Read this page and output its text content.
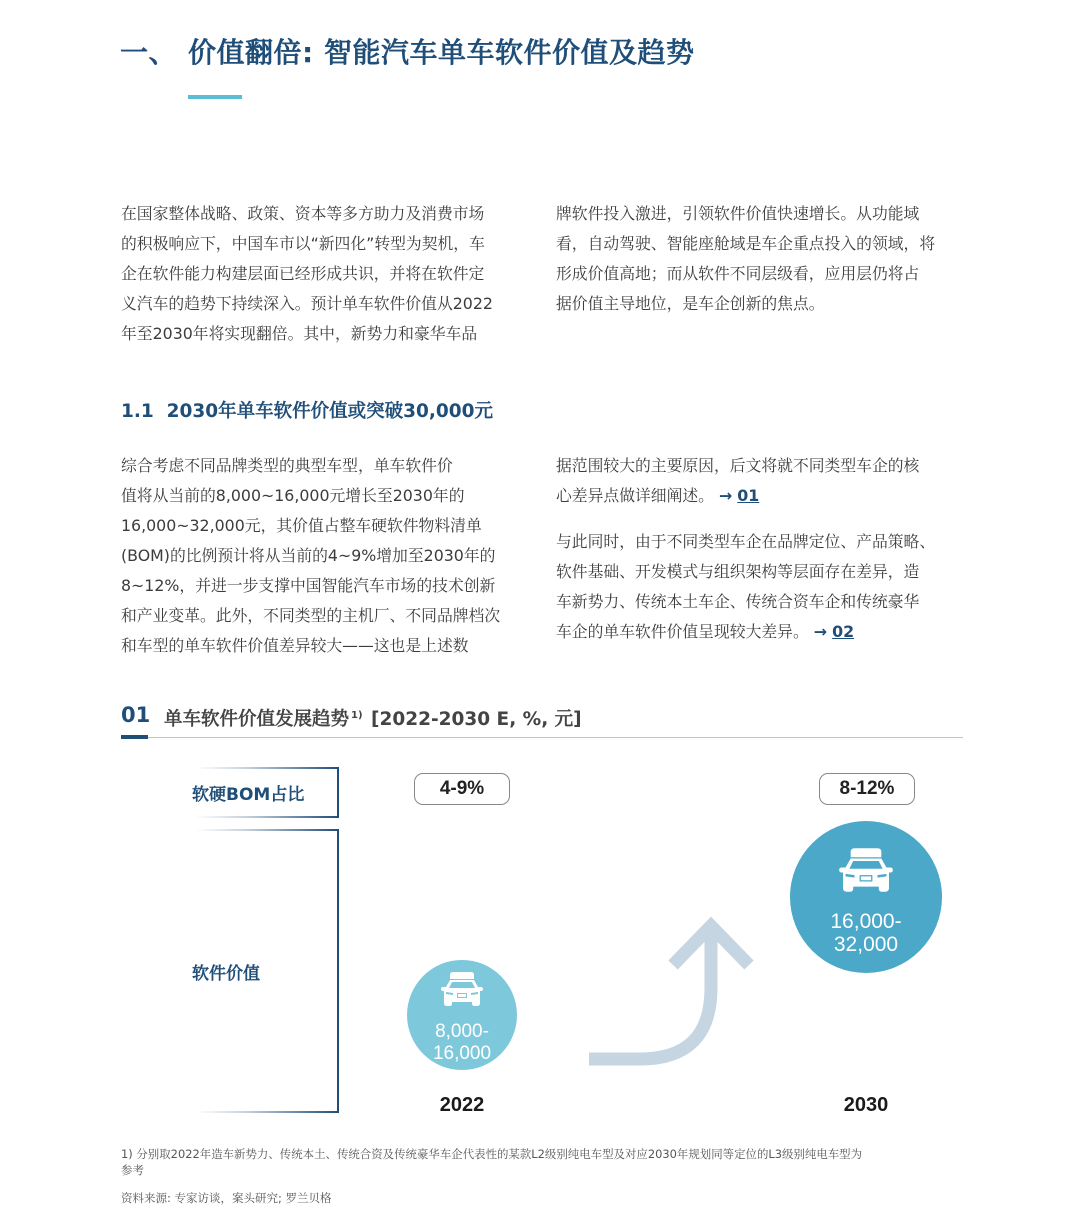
一、 价值翻倍: 智能汽车单车软件价值及趋势
在国家整体战略、政策、资本等多方助力及消费市场
的积极响应下，中国车市以“新四化”转型为契机，车
企在软件能力构建层面已经形成共识，并将在软件定
义汽车的趋势下持续深入。预计单车软件价值从2022
年至2030年将实现翻倍。其中，新势力和豪华车品
牌软件投入激进，引领软件价值快速增长。从功能域
看，自动驾驶、智能座舱域是车企重点投入的领域，将
形成价值高地；而从软件不同层级看，应用层仍将占
据价值主导地位，是车企创新的焦点。
1.1  2030年单车软件价值或突破30,000元
综合考虑不同品牌类型的典型车型，单车软件价
值将从当前的8,000~16,000元增长至2030年的
16,000~32,000元，其价值占整车硬软件物料清单
(BOM)的比例预计将从当前的4~9%增加至2030年的
8~12%，并进一步支撑中国智能汽车市场的技术创新
和产业变革。此外，不同类型的主机厂、不同品牌档次
和车型的单车软件价值差异较大——这也是上述数
据范围较大的主要原因，后文将就不同类型车企的核
心差异点做详细阐述。 → 01
与此同时，由于不同类型车企在品牌定位、产品策略、
软件基础、开发模式与组织架构等层面存在差异，造
车新势力、传统本土车企、传统合资车企和传统豪华
车企的单车软件价值呈现较大差异。 → 02
01 单车软件价值发展趋势 $^{1)}$ [2022-2030 E, %, 元]
软硬BOM占比
软件价值
4-9%	8-12%
8,000-
16,000
16,000-
32,000
2022	2030
1) 分别取2022年造车新势力、传统本土、传统合资及传统豪华车企代表性的某款L2级别纯电车型及对应2030年规划同等定位的L3级别纯电车型为
参考
资料来源: 专家访谈，案头研究; 罗兰贝格
